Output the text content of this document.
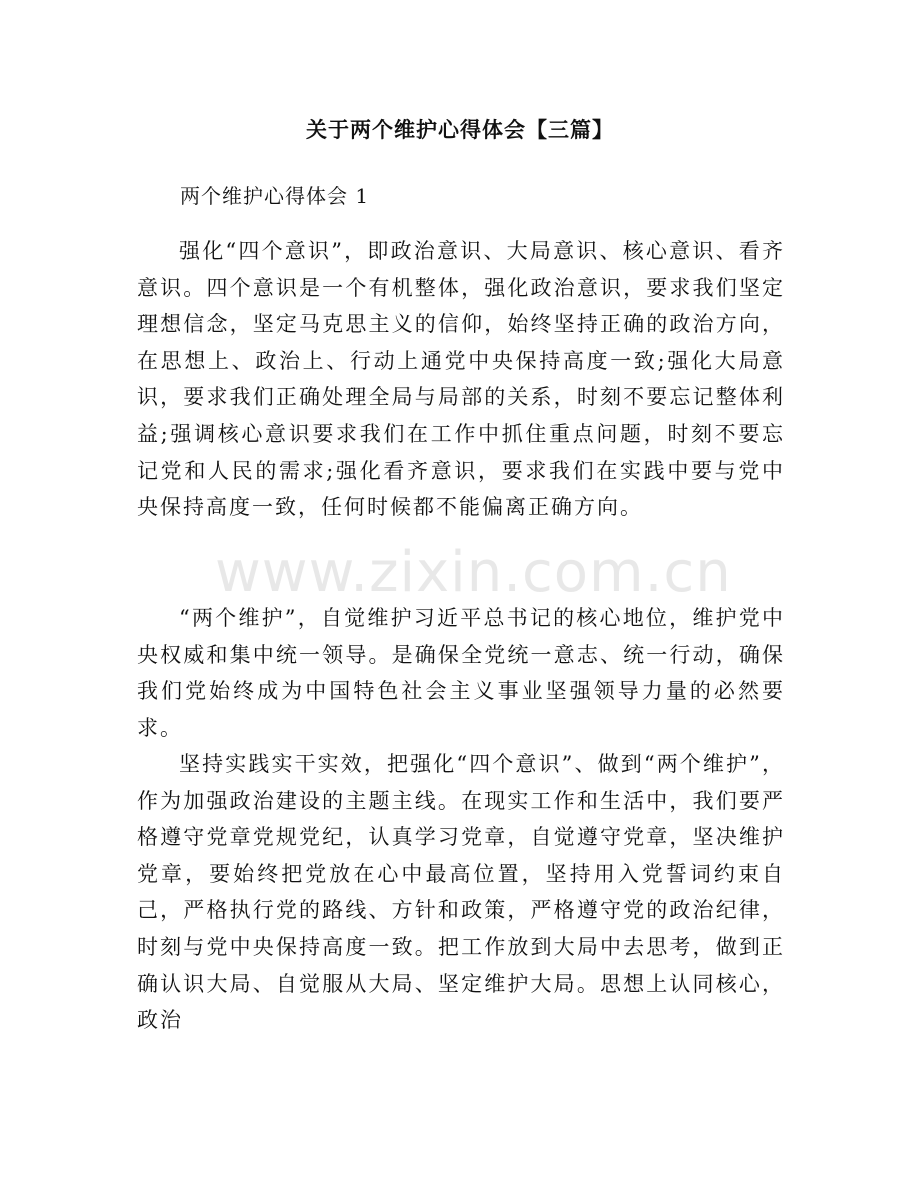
关于两个维护心得体会【三篇】

两个维护心得体会 1

强化“四个意识”，即政治意识、大局意识、核心意识、看齐意识。四个意识是一个有机整体，强化政治意识，要求我们坚定理想信念，坚定马克思主义的信仰，始终坚持正确的政治方向，在思想上、政治上、行动上通党中央保持高度一致;强化大局意识，要求我们正确处理全局与局部的关系，时刻不要忘记整体利益;强调核心意识要求我们在工作中抓住重点问题，时刻不要忘记党和人民的需求;强化看齐意识，要求我们在实践中要与党中央保持高度一致，任何时候都不能偏离正确方向。

“两个维护”，自觉维护习近平总书记的核心地位，维护党中央权威和集中统一领导。是确保全党统一意志、统一行动，确保我们党始终成为中国特色社会主义事业坚强领导力量的必然要求。

坚持实践实干实效，把强化“四个意识”、做到“两个维护”，作为加强政治建设的主题主线。在现实工作和生活中，我们要严格遵守党章党规党纪，认真学习党章，自觉遵守党章，坚决维护党章，要始终把党放在心中最高位置，坚持用入党誓词约束自己，严格执行党的路线、方针和政策，严格遵守党的政治纪律，时刻与党中央保持高度一致。把工作放到大局中去思考，做到正确认识大局、自觉服从大局、坚定维护大局。思想上认同核心，政治

www.zixin.com.cn
